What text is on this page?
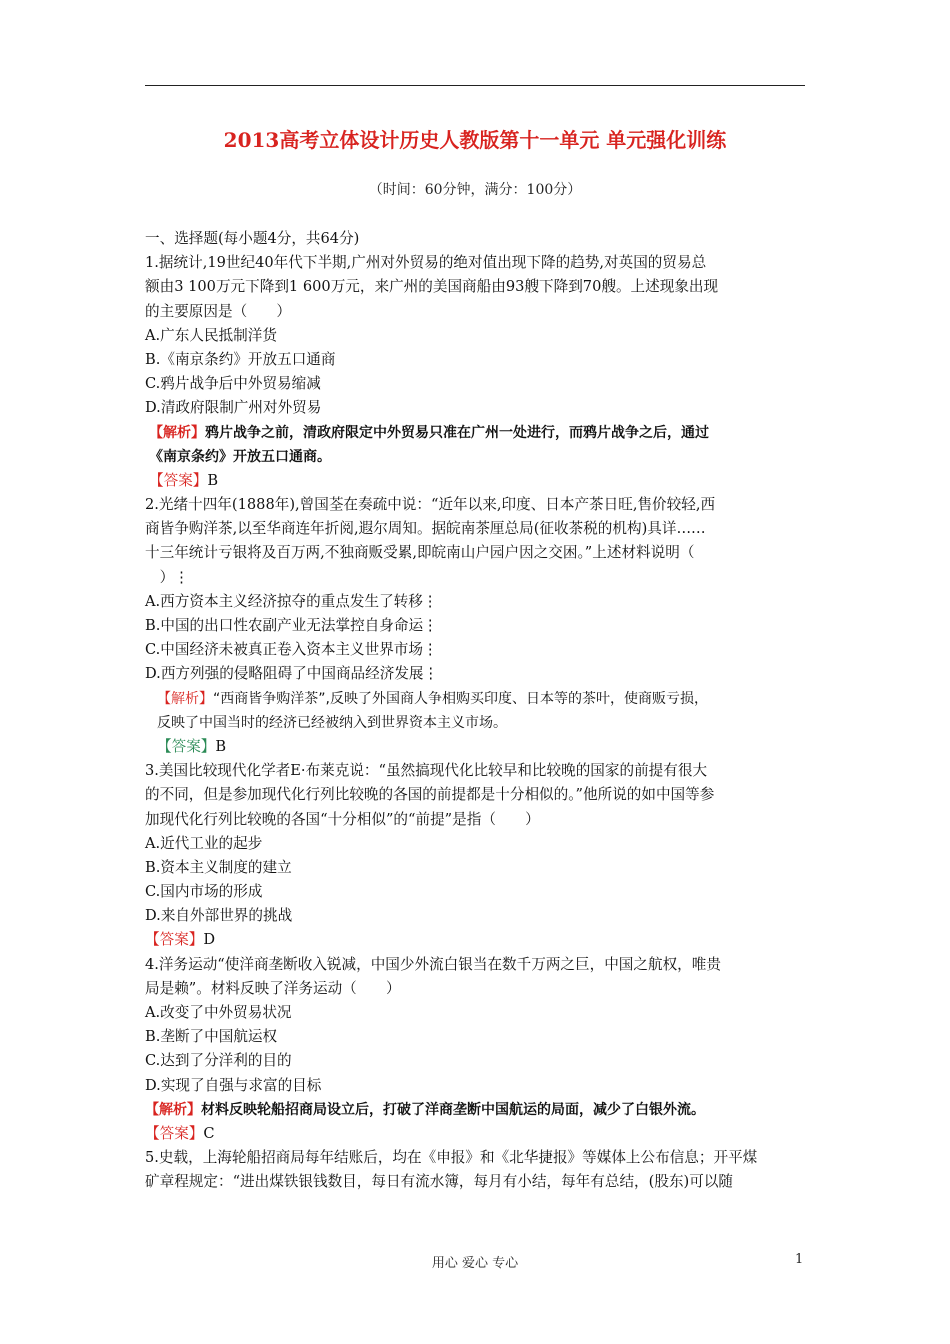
2013高考立体设计历史人教版第十一单元 单元强化训练
（时间：60分钟，满分：100分）
一、选择题(每小题4分，共64分)
1.据统计,19世纪40年代下半期,广州对外贸易的绝对值出现下降的趋势,对英国的贸易总
额由3 100万元下降到1 600万元，来广州的美国商船由93艘下降到70艘。上述现象出现
的主要原因是（　　）
A.广东人民抵制洋货
B.《南京条约》开放五口通商
C.鸦片战争后中外贸易缩减
D.清政府限制广州对外贸易
【解析】鸦片战争之前，清政府限定中外贸易只准在广州一处进行，而鸦片战争之后，通过
《南京条约》开放五口通商。
【答案】B
2.光绪十四年(1888年),曾国荃在奏疏中说：“近年以来,印度、日本产茶日旺,售价较轻,西
商皆争购洋茶,以至华商连年折阅,遐尔周知。据皖南茶厘总局(征收茶税的机构)具详……
十三年统计亏银将及百万两,不独商贩受累,即皖南山户园户因之交困。”上述材料说明（
　）⋮
A.西方资本主义经济掠夺的重点发生了转移⋮
B.中国的出口性农副产业无法掌控自身命运⋮
C.中国经济未被真正卷入资本主义世界市场⋮
D.西方列强的侵略阻碍了中国商品经济发展⋮
【解析】“西商皆争购洋茶”,反映了外国商人争相购买印度、日本等的茶叶，使商贩亏损，
反映了中国当时的经济已经被纳入到世界资本主义市场。
【答案】B
3.美国比较现代化学者E·布莱克说：“虽然搞现代化比较早和比较晚的国家的前提有很大
的不同，但是参加现代化行列比较晚的各国的前提都是十分相似的。”他所说的如中国等参
加现代化行列比较晚的各国“十分相似”的“前提”是指（　　）
A.近代工业的起步
B.资本主义制度的建立
C.国内市场的形成
D.来自外部世界的挑战
【答案】D
4.洋务运动“使洋商垄断收入锐减，中国少外流白银当在数千万两之巨，中国之航权，唯贵
局是赖”。材料反映了洋务运动（　　）
A.改变了中外贸易状况
B.垄断了中国航运权
C.达到了分洋利的目的
D.实现了自强与求富的目标
【解析】材料反映轮船招商局设立后，打破了洋商垄断中国航运的局面，减少了白银外流。
【答案】C
5.史载，上海轮船招商局每年结账后，均在《申报》和《北华捷报》等媒体上公布信息；开平煤
矿章程规定：“进出煤铁银钱数目，每日有流水簿，每月有小结，每年有总结，(股东)可以随
用心 爱心 专心	1
